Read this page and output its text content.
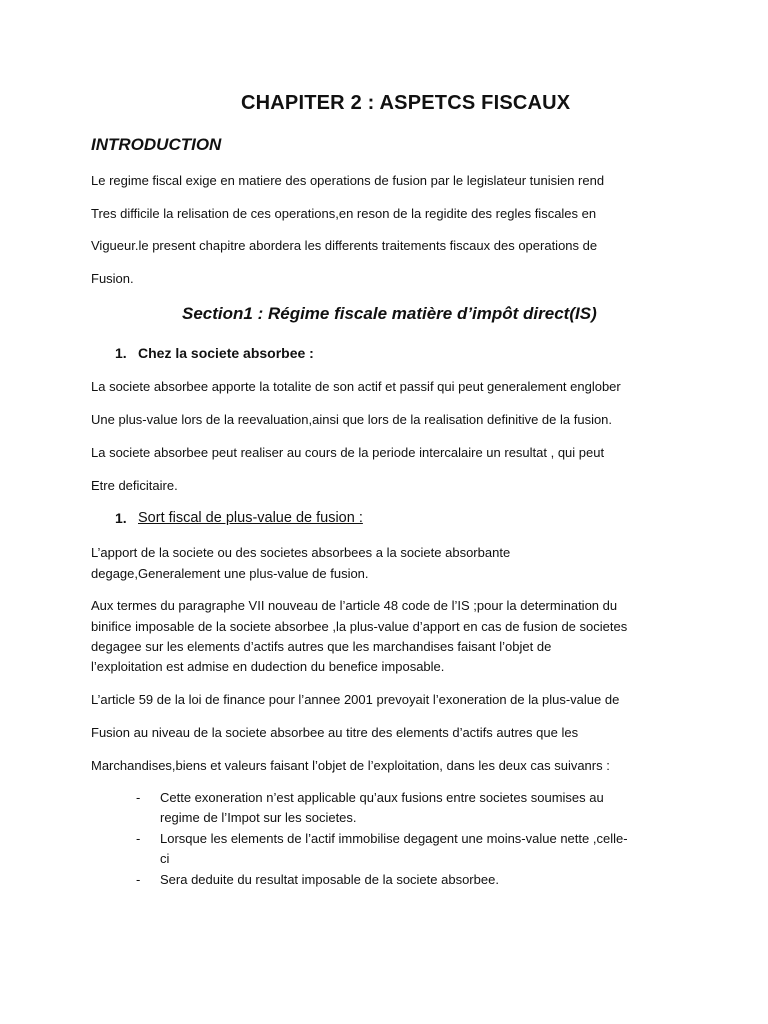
CHAPITER 2 : ASPETCS FISCAUX
INTRODUCTION
Le regime fiscal exige en matiere des operations de fusion par le legislateur tunisien rend
Tres difficile la relisation de ces operations,en reson de la regidite des regles fiscales en
Vigueur.le present chapitre abordera les differents traitements fiscaux des operations de
Fusion.
Section1 : Régime fiscale matière d’impôt direct(IS)
1. Chez la societe absorbee :
La societe absorbee apporte la totalite de son actif et passif qui peut generalement englober
Une plus-value lors de la reevaluation,ainsi que lors de la realisation definitive de la fusion.
La societe absorbee peut realiser au cours de la periode intercalaire un resultat , qui peut
Etre deficitaire.
1. Sort fiscal de plus-value de fusion :
L’apport de la societe ou des societes absorbees a la societe absorbante
degage,Generalement une plus-value de fusion.
Aux termes du paragraphe VII nouveau de l’article 48 code de l’IS ;pour la determination du
binifice imposable de la societe absorbee ,la plus-value d’apport en cas de fusion de societes
degagee sur les elements d’actifs autres que les marchandises faisant l’objet de
l’exploitation est admise en dudection du benefice imposable.
L’article 59 de la loi de finance pour l’annee 2001 prevoyait l’exoneration de la plus-value de
Fusion au niveau de la societe absorbee au titre des elements d’actifs autres que les
Marchandises,biens et valeurs faisant l’objet de l’exploitation, dans les deux cas suivanrs :
- Cette exoneration n’est applicable qu’aux fusions entre societes soumises au
regime de l’Impot sur les societes.
- Lorsque les elements de l’actif immobilise degagent une moins-value nette ,celle-
ci
- Sera deduite du resultat imposable de la societe absorbee.
